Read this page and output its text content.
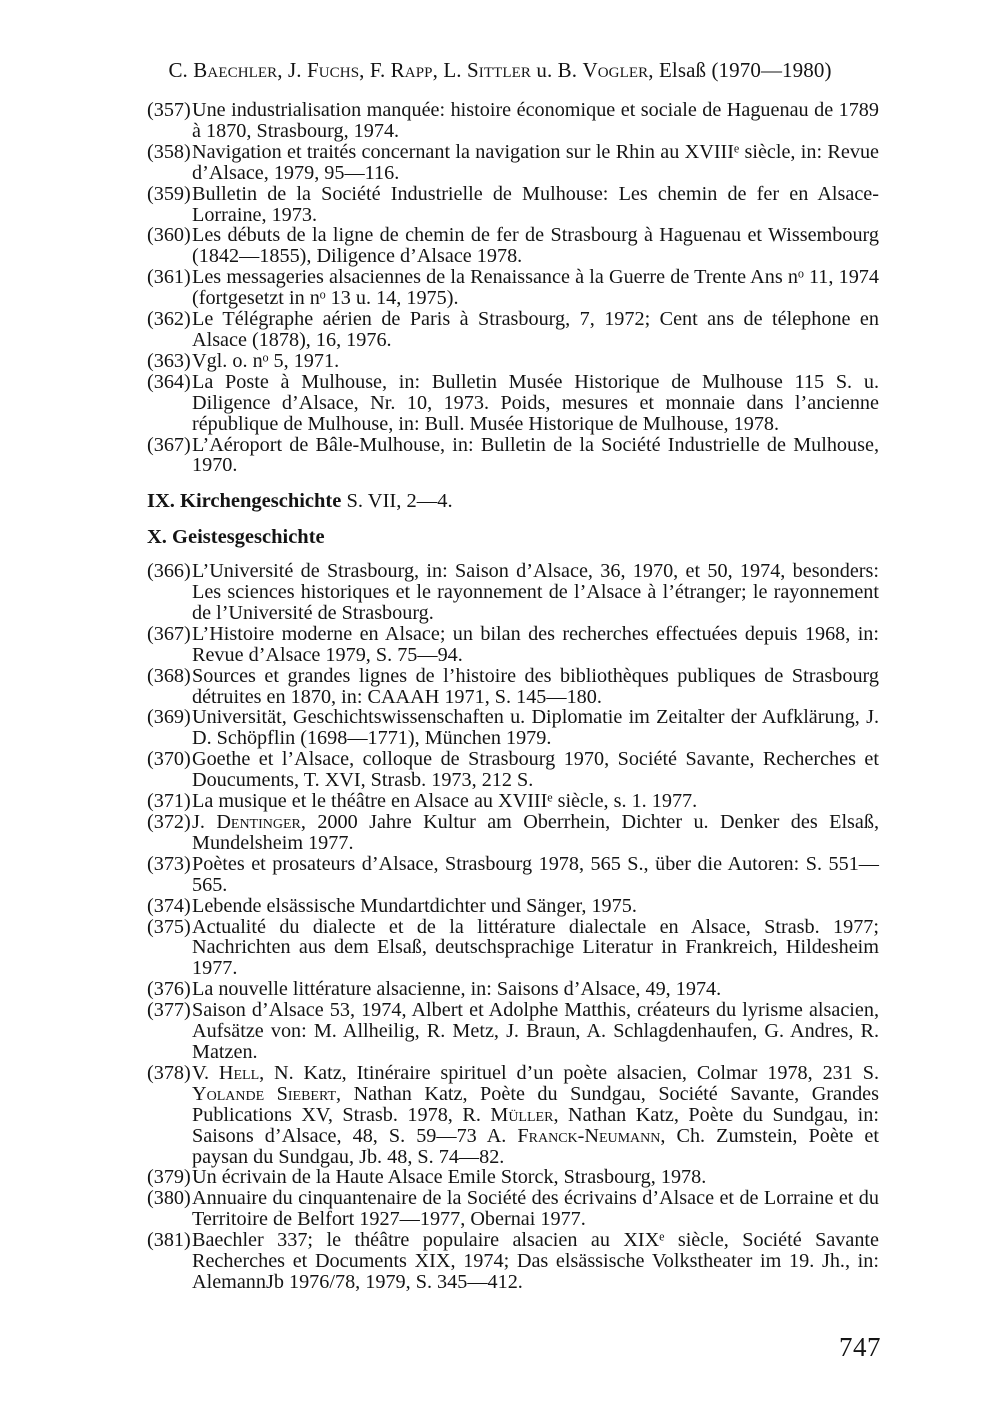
C. Baechler, J. Fuchs, F. Rapp, L. Sittler u. B. Vogler, Elsaß (1970—1980)
(357) Une industrialisation manquée: histoire économique et sociale de Haguenau de 1789 à 1870, Strasbourg, 1974.
(358) Navigation et traités concernant la navigation sur le Rhin au XVIIIᵉ siècle, in: Revue d’Alsace, 1979, 95—116.
(359) Bulletin de la Société Industrielle de Mulhouse: Les chemin de fer en Alsace-Lorraine, 1973.
(360) Les débuts de la ligne de chemin de fer de Strasbourg à Haguenau et Wissembourg (1842—1855), Diligence d’Alsace 1978.
(361) Les messageries alsaciennes de la Renaissance à la Guerre de Trente Ans nᵒ 11, 1974 (fortgesetzt in nᵒ 13 u. 14, 1975).
(362) Le Télégraphe aérien de Paris à Strasbourg, 7, 1972; Cent ans de télephone en Alsace (1878), 16, 1976.
(363) Vgl. o. nᵒ 5, 1971.
(364) La Poste à Mulhouse, in: Bulletin Musée Historique de Mulhouse 115 S. u. Diligence d’Alsace, Nr. 10, 1973. Poids, mesures et monnaie dans l’ancienne république de Mulhouse, in: Bull. Musée Historique de Mulhouse, 1978.
(367) L’Aéroport de Bâle-Mulhouse, in: Bulletin de la Société Industrielle de Mulhouse, 1970.
IX. Kirchengeschichte S. VII, 2—4.
X. Geistesgeschichte
(366) L’Université de Strasbourg, in: Saison d’Alsace, 36, 1970, et 50, 1974, besonders: Les sciences historiques et le rayonnement de l’Alsace à l’étranger; le rayonnement de l’Université de Strasbourg.
(367) L’Histoire moderne en Alsace; un bilan des recherches effectuées depuis 1968, in: Revue d’Alsace 1979, S. 75—94.
(368) Sources et grandes lignes de l’histoire des bibliothèques publiques de Strasbourg détruites en 1870, in: CAAAH 1971, S. 145—180.
(369) Universität, Geschichtswissenschaften u. Diplomatie im Zeitalter der Aufklärung, J. D. Schöpflin (1698—1771), München 1979.
(370) Goethe et l’Alsace, colloque de Strasbourg 1970, Société Savante, Recherches et Doucuments, T. XVI, Strasb. 1973, 212 S.
(371) La musique et le théâtre en Alsace au XVIIIᵉ siècle, s. 1. 1977.
(372) J. Dentinger, 2000 Jahre Kultur am Oberrhein, Dichter u. Denker des Elsaß, Mundelsheim 1977.
(373) Poètes et prosateurs d’Alsace, Strasbourg 1978, 565 S., über die Autoren: S. 551—565.
(374) Lebende elsässische Mundartdichter und Sänger, 1975.
(375) Actualité du dialecte et de la littérature dialectale en Alsace, Strasb. 1977; Nachrichten aus dem Elsaß, deutschsprachige Literatur in Frankreich, Hildesheim 1977.
(376) La nouvelle littérature alsacienne, in: Saisons d’Alsace, 49, 1974.
(377) Saison d’Alsace 53, 1974, Albert et Adolphe Matthis, créateurs du lyrisme alsacien, Aufsätze von: M. Allheilig, R. Metz, J. Braun, A. Schlagdenhaufen, G. Andres, R. Matzen.
(378) V. Hell, N. Katz, Itinéraire spirituel d’un poète alsacien, Colmar 1978, 231 S. Yolande Siebert, Nathan Katz, Poète du Sundgau, Société Savante, Grandes Publications XV, Strasb. 1978, R. Müller, Nathan Katz, Poète du Sundgau, in: Saisons d’Alsace, 48, S. 59—73 A. Franck-Neumann, Ch. Zumstein, Poète et paysan du Sundgau, Jb. 48, S. 74—82.
(379) Un écrivain de la Haute Alsace Emile Storck, Strasbourg, 1978.
(380) Annuaire du cinquantenaire de la Société des écrivains d’Alsace et de Lorraine et du Territoire de Belfort 1927—1977, Obernai 1977.
(381) Baechler 337; le théâtre populaire alsacien au XIXᵉ siècle, Société Savante Recherches et Documents XIX, 1974; Das elsässische Volkstheater im 19. Jh., in: AlemannJb 1976/78, 1979, S. 345—412.
747
